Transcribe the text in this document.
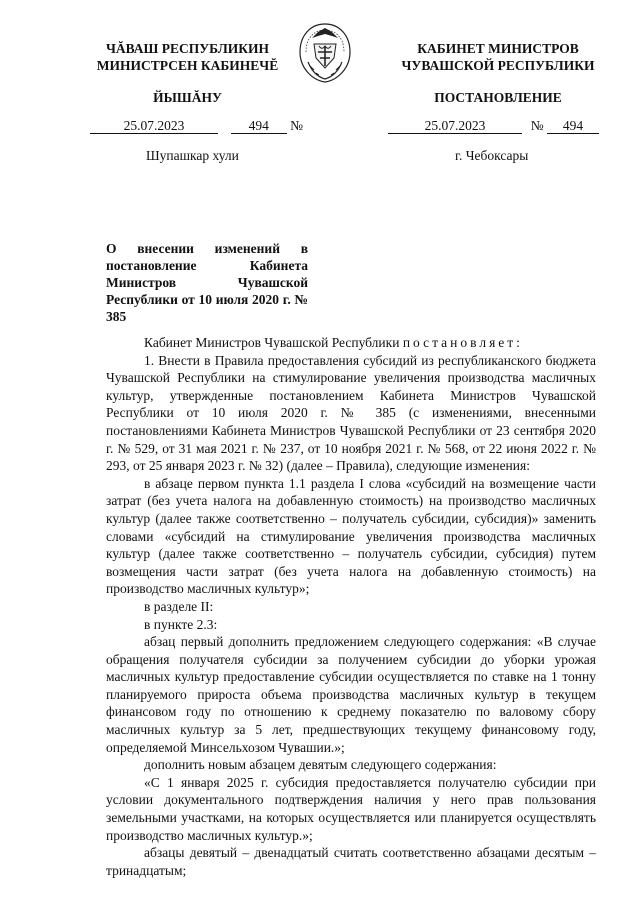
ЧĂВАШ РЕСПУБЛИКИН
МИНИСТРСЕН КАБИНЕЧĔ
ЙЫШĂНУ
КАБИНЕТ МИНИСТРОВ
ЧУВАШСКОЙ РЕСПУБЛИКИ
ПОСТАНОВЛЕНИЕ
25.07.2023	494 №	25.07.2023	№ 494
Шупашкар хули	г. Чебоксары
О внесении изменений в постановление Кабинета Министров Чувашской Республики от 10 июля 2020 г. № 385

Кабинет Министров Чувашской Республики постановляет:

1. Внести в Правила предоставления субсидий из республиканского бюджета Чувашской Республики на стимулирование увеличения производства масличных культур, утвержденные постановлением Кабинета Министров Чувашской Республики от 10 июля 2020 г. № 385 (с изменениями, внесенными постановлениями Кабинета Министров Чувашской Республики от 23 сентября 2020 г. № 529, от 31 мая 2021 г. № 237, от 10 ноября 2021 г. № 568, от 22 июня 2022 г. № 293, от 25 января 2023 г. № 32) (далее – Правила), следующие изменения:

в абзаце первом пункта 1.1 раздела I слова «субсидий на возмещение части затрат (без учета налога на добавленную стоимость) на производство масличных культур (далее также соответственно – получатель субсидии, субсидия)» заменить словами «субсидий на стимулирование увеличения производства масличных культур (далее также соответственно – получатель субсидии, субсидия) путем возмещения части затрат (без учета налога на добавленную стоимость) на производство масличных культур»;

в разделе II:

в пункте 2.3:

абзац первый дополнить предложением следующего содержания: «В случае обращения получателя субсидии за получением субсидии до уборки урожая масличных культур предоставление субсидии осуществляется по ставке на 1 тонну планируемого прироста объема производства масличных культур в текущем финансовом году по отношению к среднему показателю по валовому сбору масличных культур за 5 лет, предшествующих текущему финансовому году, определяемой Минсельхозом Чувашии.»;

дополнить новым абзацем девятым следующего содержания:

«С 1 января 2025 г. субсидия предоставляется получателю субсидии при условии документального подтверждения наличия у него прав пользования земельными участками, на которых осуществляется или планируется осуществлять производство масличных культур.»;

абзацы девятый – двенадцатый считать соответственно абзацами десятым – тринадцатым;
